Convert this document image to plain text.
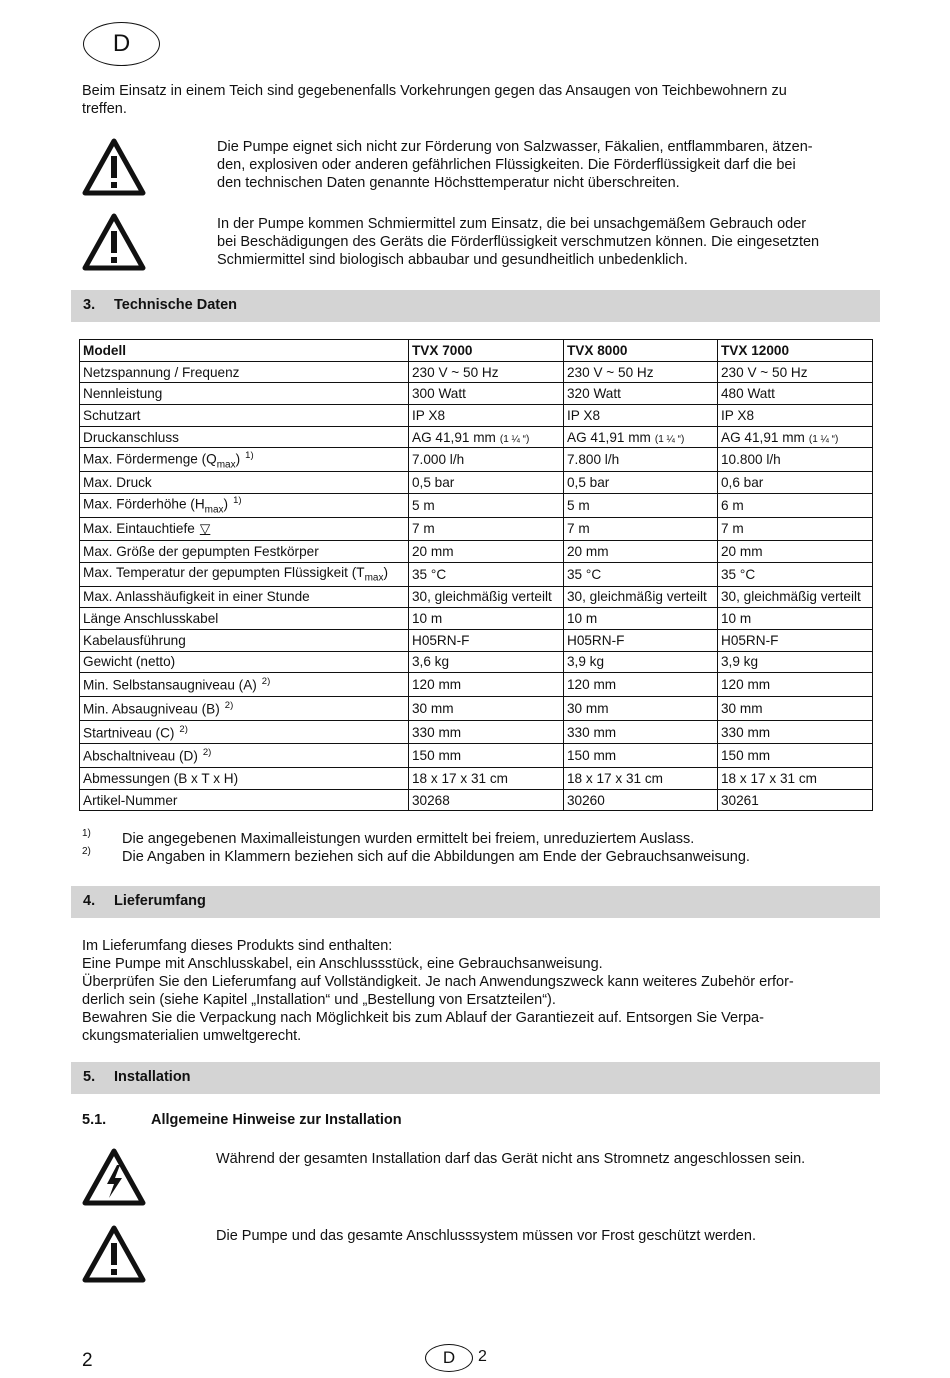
D
Beim Einsatz in einem Teich sind gegebenenfalls Vorkehrungen gegen das Ansaugen von Teichbewohnern zu
treffen.
Die Pumpe eignet sich nicht zur Förderung von Salzwasser, Fäkalien, entflammbaren, ätzen-
den, explosiven oder anderen gefährlichen Flüssigkeiten. Die Förderflüssigkeit darf die bei
den technischen Daten genannte Höchsttemperatur nicht überschreiten.
In der Pumpe kommen Schmiermittel zum Einsatz, die bei unsachgemäßem Gebrauch oder
bei Beschädigungen des Geräts die Förderflüssigkeit verschmutzen können. Die eingesetzten
Schmiermittel sind biologisch abbaubar und gesundheitlich unbedenklich.
3. Technische Daten
Modell	TVX 7000	TVX 8000	TVX 12000
Netzspannung / Frequenz	230 V ~ 50 Hz	230 V ~ 50 Hz	230 V ~ 50 Hz
Nennleistung	300 Watt	320 Watt	480 Watt
Schutzart	IP X8	IP X8	IP X8
Druckanschluss	AG 41,91 mm (1 ¼ “)	AG 41,91 mm (1 ¼ “)	AG 41,91 mm (1 ¼ “)
Max. Fördermenge $(Q_{max})$ $^{1)}$	7.000 l/h	7.800 l/h	10.800 l/h
Max. Druck	0,5 bar	0,5 bar	0,6 bar
Max. Förderhöhe $(H_{max})$ $^{1)}$	5 m	5 m	6 m
Max. Eintauchtiefe ▽	7 m	7 m	7 m
Max. Größe der gepumpten Festkörper	20 mm	20 mm	20 mm
Max. Temperatur der gepumpten Flüssigkeit $(T_{max})$	35 °C	35 °C	35 °C
Max. Anlasshäufigkeit in einer Stunde	30, gleichmäßig verteilt	30, gleichmäßig verteilt	30, gleichmäßig verteilt
Länge Anschlusskabel	10 m	10 m	10 m
Kabelausführung	H05RN-F	H05RN-F	H05RN-F
Gewicht (netto)	3,6 kg	3,9 kg	3,9 kg
Min. Selbstansaugniveau (A) $^{2)}$	120 mm	120 mm	120 mm
Min. Absaugniveau (B) $^{2)}$	30 mm	30 mm	30 mm
Startniveau (C) $^{2)}$	330 mm	330 mm	330 mm
Abschaltniveau (D) $^{2)}$	150 mm	150 mm	150 mm
Abmessungen (B x T x H)	18 x 17 x 31 cm	18 x 17 x 31 cm	18 x 17 x 31 cm
Artikel-Nummer	30268	30260	30261
1) Die angegebenen Maximalleistungen wurden ermittelt bei freiem, unreduziertem Auslass.
2) Die Angaben in Klammern beziehen sich auf die Abbildungen am Ende der Gebrauchsanweisung.
4. Lieferumfang
Im Lieferumfang dieses Produkts sind enthalten:
Eine Pumpe mit Anschlusskabel, ein Anschlussstück, eine Gebrauchsanweisung.
Überprüfen Sie den Lieferumfang auf Vollständigkeit. Je nach Anwendungszweck kann weiteres Zubehör erfor-
derlich sein (siehe Kapitel „Installation“ und „Bestellung von Ersatzteilen“).
Bewahren Sie die Verpackung nach Möglichkeit bis zum Ablauf der Garantiezeit auf. Entsorgen Sie Verpa-
ckungsmaterialien umweltgerecht.
5. Installation
5.1.	Allgemeine Hinweise zur Installation
Während der gesamten Installation darf das Gerät nicht ans Stromnetz angeschlossen sein.
Die Pumpe und das gesamte Anschlusssystem müssen vor Frost geschützt werden.
2	D 2
